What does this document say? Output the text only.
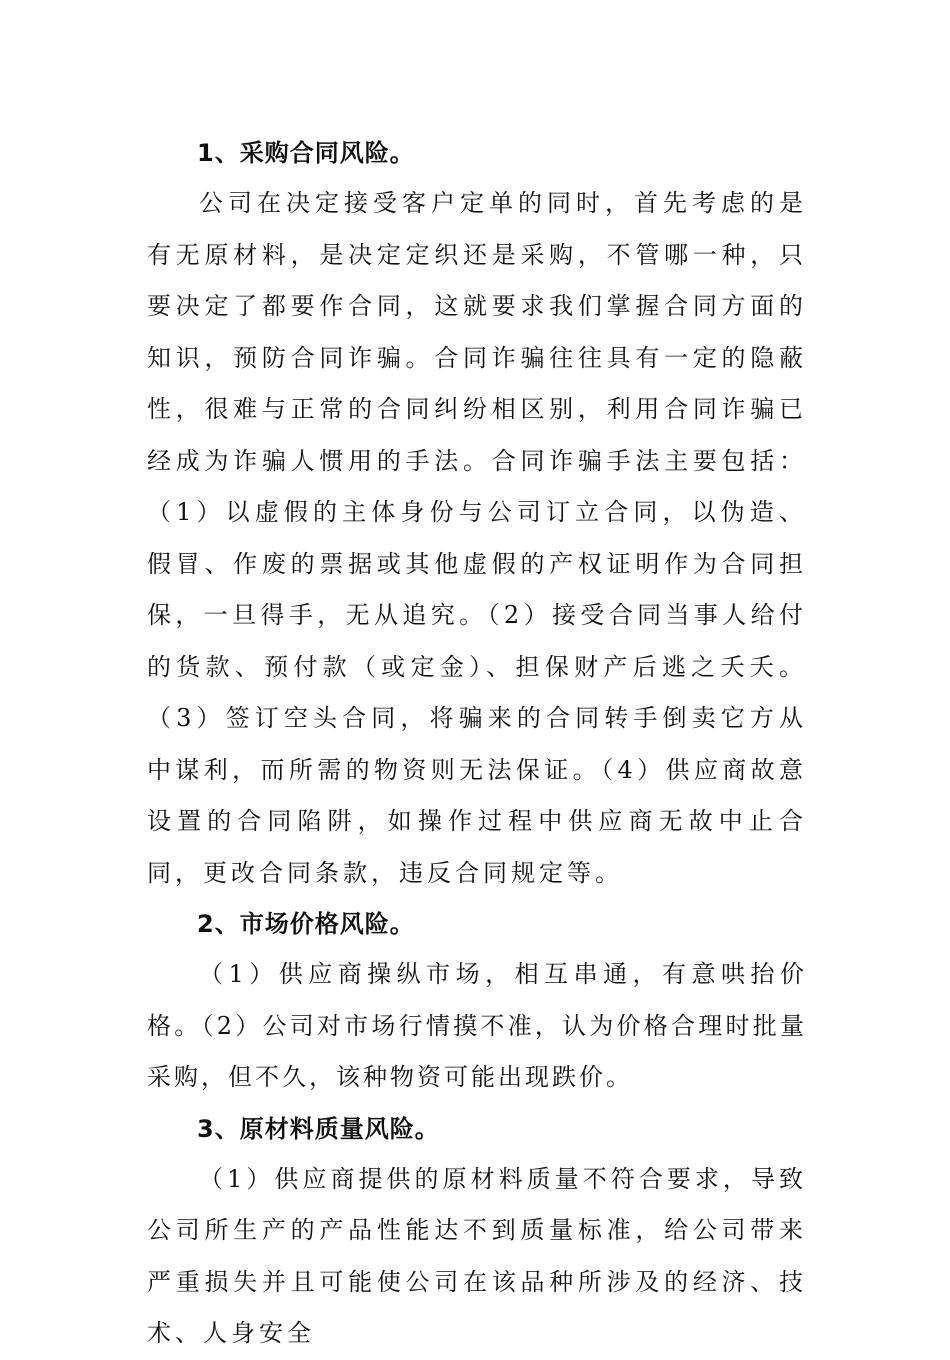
1、采购合同风险。

公司在决定接受客户定单的同时，首先考虑的是有无原材料，是决定定织还是采购，不管哪一种，只要决定了都要作合同，这就要求我们掌握合同方面的知识，预防合同诈骗。合同诈骗往往具有一定的隐蔽性，很难与正常的合同纠纷相区别，利用合同诈骗已经成为诈骗人惯用的手法。合同诈骗手法主要包括：（1）以虚假的主体身份与公司订立合同，以伪造、假冒、作废的票据或其他虚假的产权证明作为合同担保，一旦得手，无从追究。（2）接受合同当事人给付的货款、预付款（或定金）、担保财产后逃之夭夭。（3）签订空头合同，将骗来的合同转手倒卖它方从中谋利，而所需的物资则无法保证。（4）供应商故意设置的合同陷阱，如操作过程中供应商无故中止合同，更改合同条款，违反合同规定等。

2、市场价格风险。

（1）供应商操纵市场，相互串通，有意哄抬价格。（2）公司对市场行情摸不准，认为价格合理时批量采购，但不久，该种物资可能出现跌价。

3、原材料质量风险。

（1）供应商提供的原材料质量不符合要求，导致公司所生产的产品性能达不到质量标准，给公司带来严重损失并且可能使公司在该品种所涉及的经济、技术、人身安全
